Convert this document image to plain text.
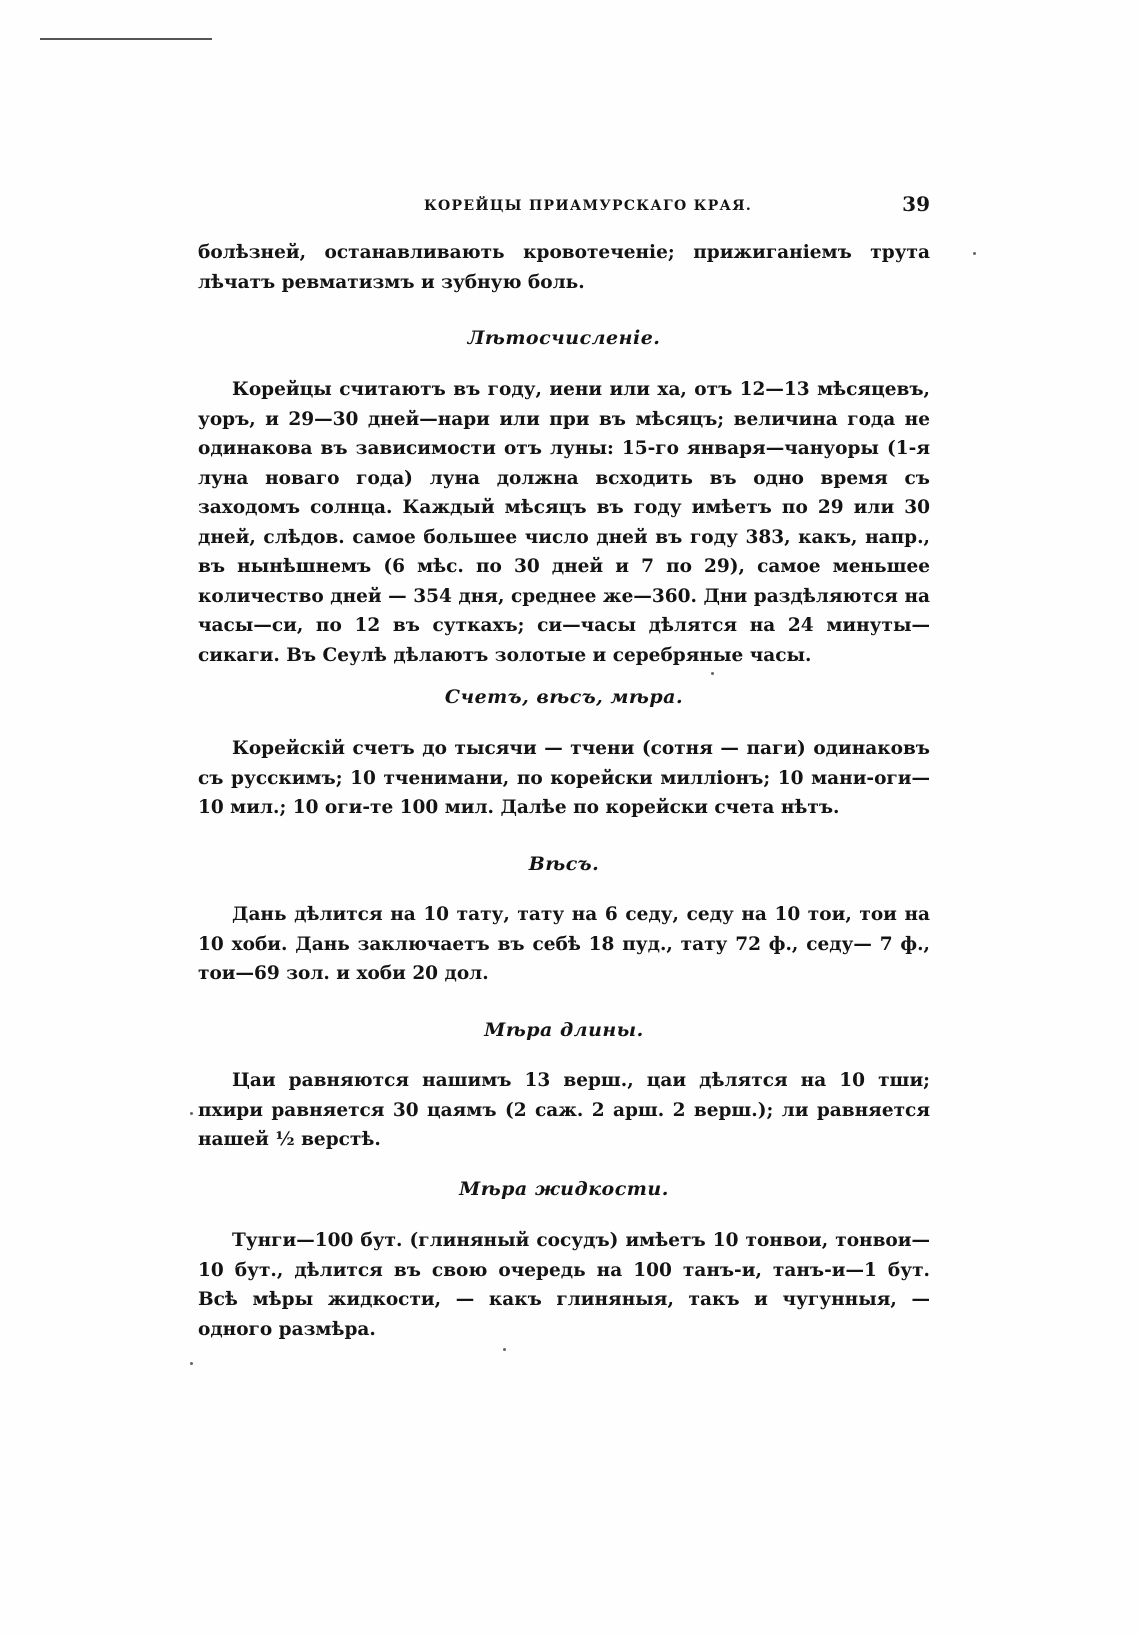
КОРЕЙЦЫ ПРИАМУРСКАГО КРАЯ.	39

болѣзней, останавливають кровотеченіе; прижиганіемъ трута лѣчатъ ревматизмъ и зубную боль.

Лѣтосчисленіе.

Корейцы считаютъ въ году, иени или ха, отъ 12—13 мѣсяцевъ, уоръ, и 29—30 дней—нари или при въ мѣсяцъ; величина года не одинакова въ зависимости отъ луны: 15-го января—чануоры (1-я луна новаго года) луна должна всходить въ одно время съ заходомъ солнца. Каждый мѣсяцъ въ году имѣетъ по 29 или 30 дней, слѣдов. самое большее число дней въ году 383, какъ, напр., въ нынѣшнемъ (6 мѣс. по 30 дней и 7 по 29), самое меньшее количество дней — 354 дня, среднее же—360. Дни раздѣляются на часы—си, по 12 въ суткахъ; си—часы дѣлятся на 24 минуты—сикаги. Въ Сеулѣ дѣлаютъ золотые и серебряные часы.

Счетъ, вѣсъ, мѣра.

Корейскій счетъ до тысячи — тчени (сотня — паги) одинаковъ съ русскимъ; 10 тченимани, по корейски милліонъ; 10 мани-оги—10 мил.; 10 оги-те 100 мил. Далѣе по корейски счета нѣтъ.

Вѣсъ.

Дань дѣлится на 10 тату, тату на 6 седу, седу на 10 тои, тои на 10 хоби. Дань заключаетъ въ себѣ 18 пуд., тату 72 ф., седу— 7 ф., тои—69 зол. и хоби 20 дол.

Мѣра длины.

Цаи равняются нашимъ 13 верш., цаи дѣлятся на 10 тши; пхири равняется 30 цаямъ (2 саж. 2 арш. 2 верш.); ли равняется нашей ½ верстѣ.

Мѣра жидкости.

Тунги—100 бут. (глиняный сосудъ) имѣетъ 10 тонвои, тонвои— 10 бут., дѣлится въ свою очередь на 100 танъ-и, танъ-и—1 бут. Всѣ мѣры жидкости, — какъ глиняныя, такъ и чугунныя, — одного размѣра.
